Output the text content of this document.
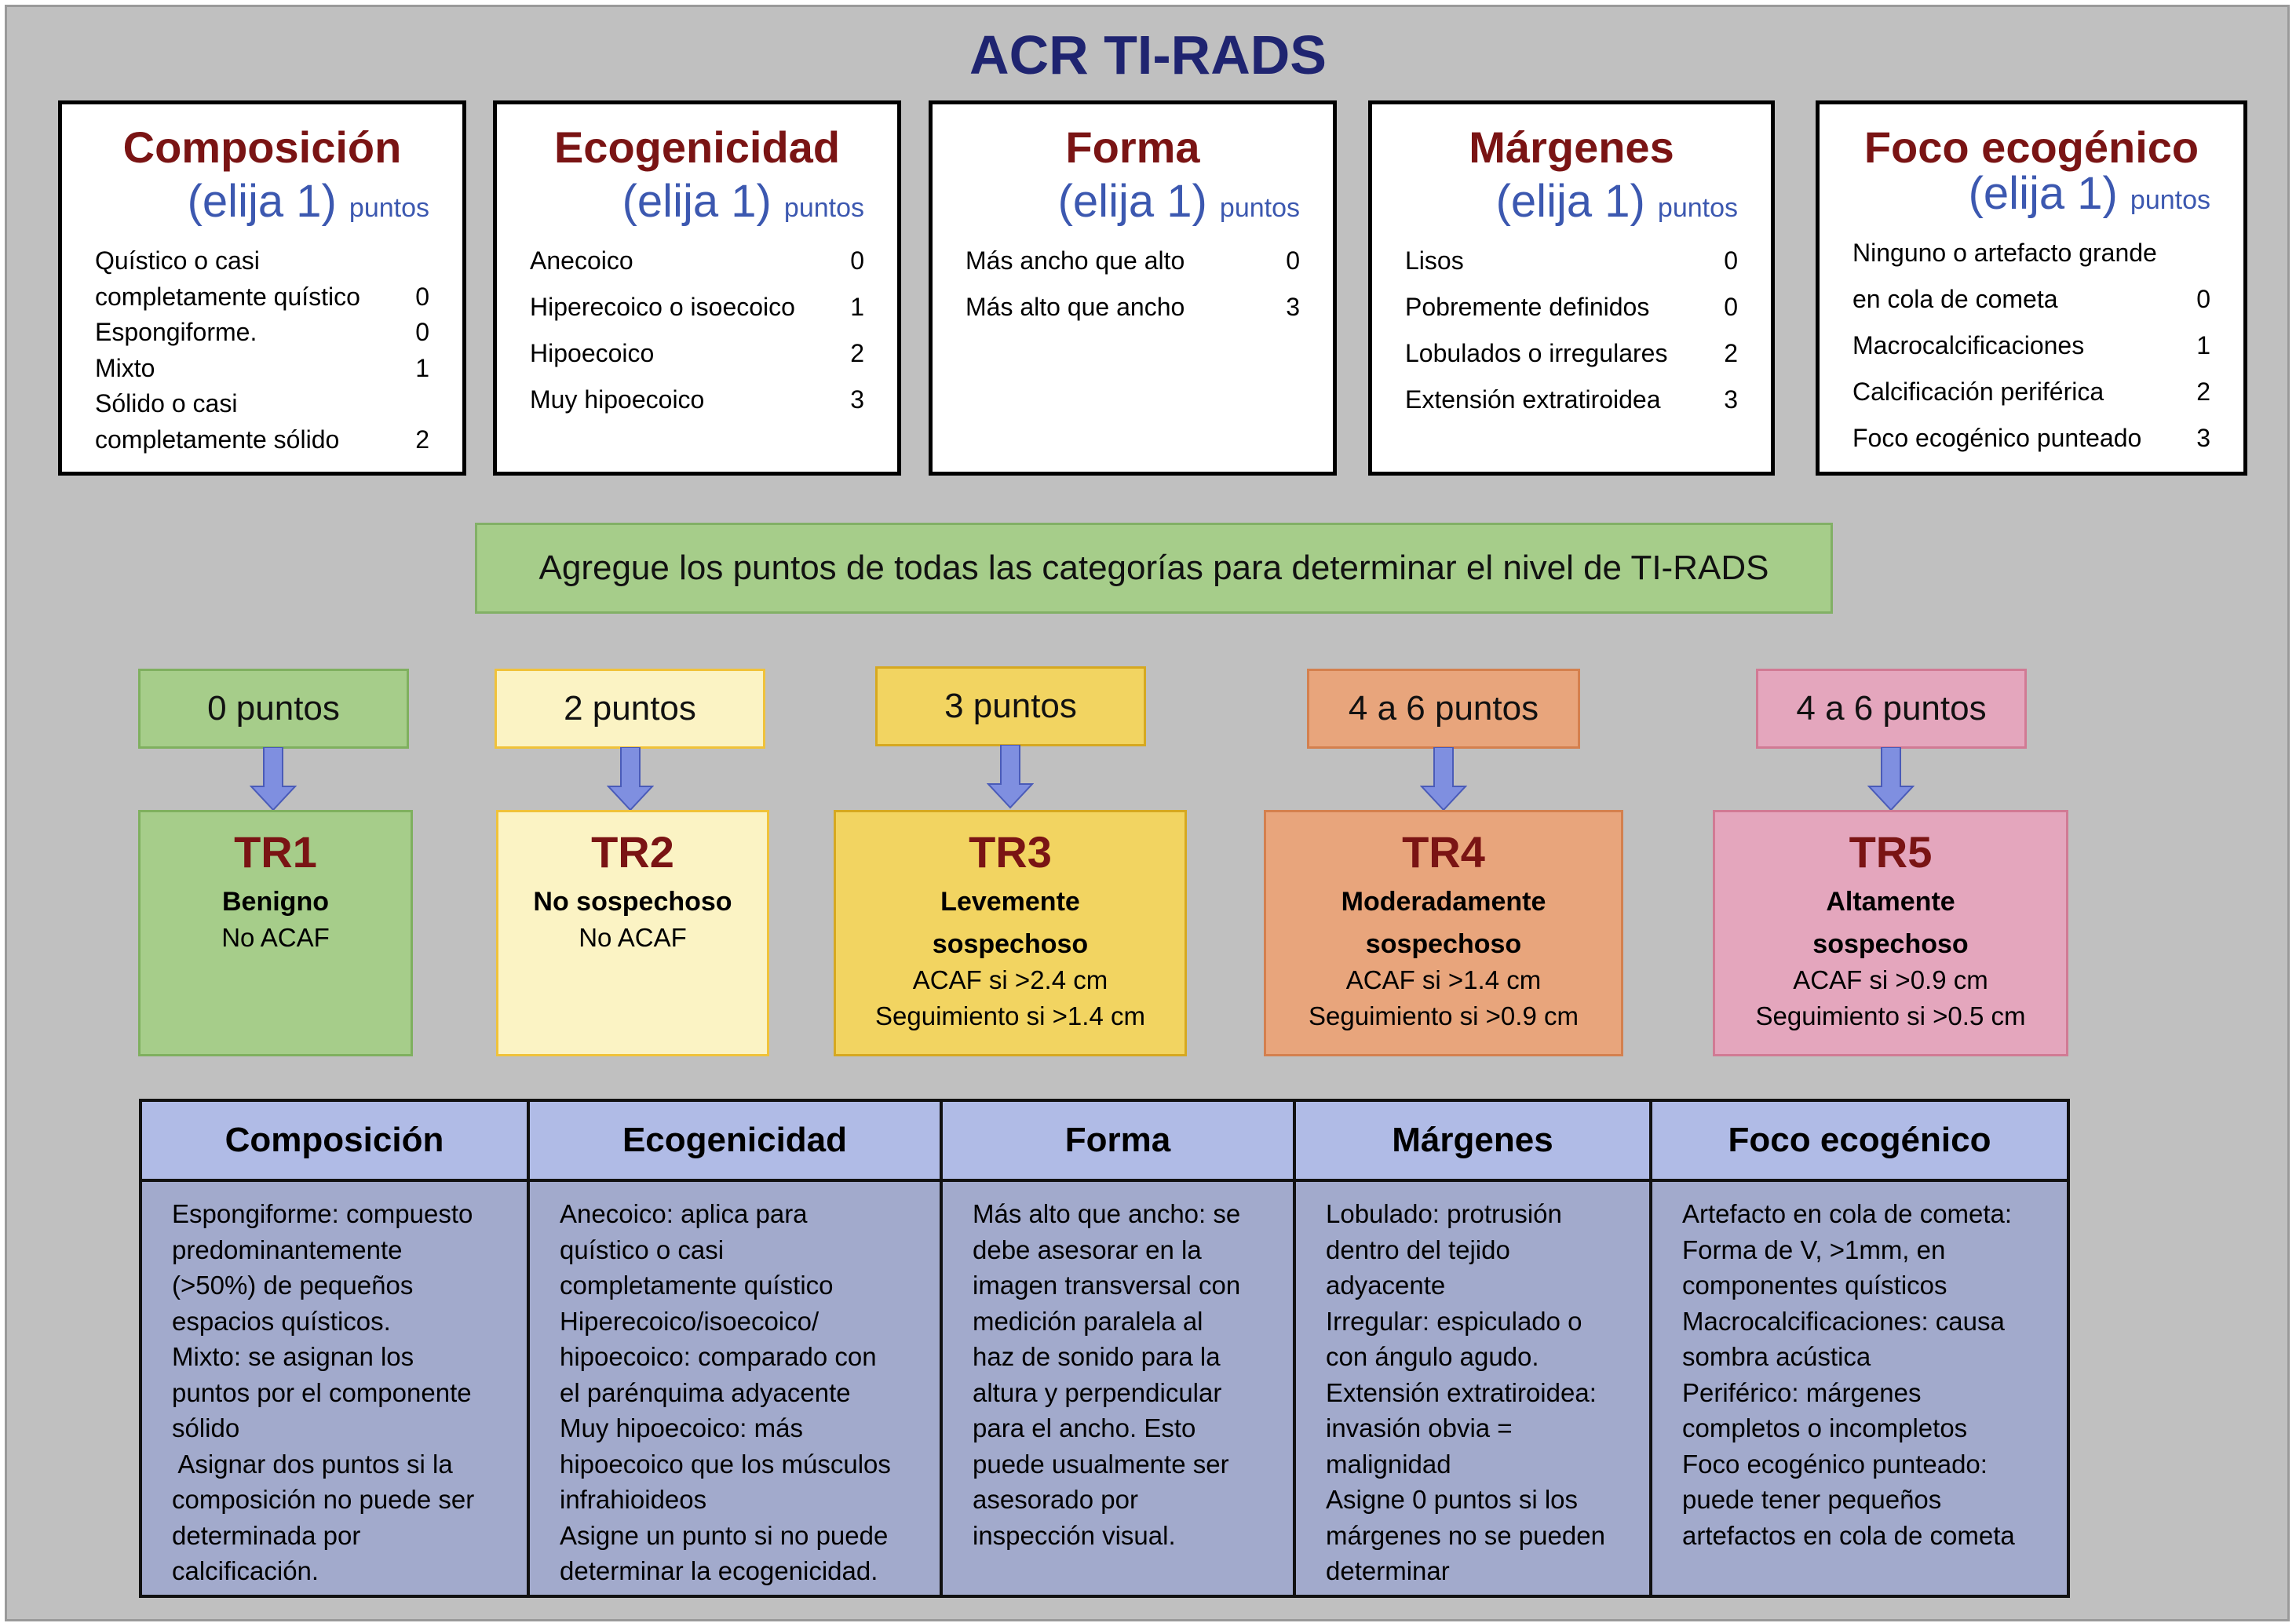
ACR TI-RADS
Composición
(elija 1) puntos
Quístico o casi
completamente quístico 0
Espongiforme.	0
Mixto	1
Sólido o casi
completamente sólido	2
Ecogenicidad
(elija 1) puntos
Anecoico	0
Hiperecoico o isoecoico 1
Hipoecoico	2
Muy hipoecoico	3
Forma
(elija 1) puntos
Más ancho que alto	0
Más alto que ancho	3
Márgenes
(elija 1) puntos
Lisos	0
Pobremente definidos	0
Lobulados o irregulares 2
Extensión extratiroidea	3
Foco ecogénico
(elija 1) puntos
Ninguno o artefacto grande
en cola de cometa	0
Macrocalcificaciones	1
Calcificación periférica	2
Foco ecogénico punteado 3
Agregue los puntos de todas las categorías para determinar el nivel de TI-RADS
0 puntos
TR1
Benigno
No ACAF
2 puntos
TR2
No sospechoso
No ACAF
3 puntos
TR3
Levemente
sospechoso
ACAF si >2.4 cm
Seguimiento si >1.4 cm
4 a 6 puntos
TR4
Moderadamente
sospechoso
ACAF si >1.4 cm
Seguimiento si >0.9 cm
4 a 6 puntos
TR5
Altamente
sospechoso
ACAF si >0.9 cm
Seguimiento si >0.5 cm
Composición
Espongiforme: compuesto
predominantemente
(>50%) de pequeños
espacios quísticos.
Mixto: se asignan los
puntos por el componente
sólido
Asignar dos puntos si la
composición no puede ser
determinada por
calcificación.
Ecogenicidad
Anecoico: aplica para
quístico o casi
completamente quístico
Hiperecoico/isoecoico/
hipoecoico: comparado con
el parénquima adyacente
Muy hipoecoico: más
hipoecoico que los músculos
infrahioideos
Asigne un punto si no puede
determinar la ecogenicidad.
Forma
Más alto que ancho: se
debe asesorar en la
imagen transversal con
medición paralela al
haz de sonido para la
altura y perpendicular
para el ancho. Esto
puede usualmente ser
asesorado por
inspección visual.
Márgenes
Lobulado: protrusión
dentro del tejido
adyacente
Irregular: espiculado o
con ángulo agudo.
Extensión extratiroidea:
invasión obvia =
malignidad
Asigne 0 puntos si los
márgenes no se pueden
determinar
Foco ecogénico
Artefacto en cola de cometa:
Forma de V, >1mm, en
componentes quísticos
Macrocalcificaciones: causa
sombra acústica
Periférico: márgenes
completos o incompletos
Foco ecogénico punteado:
puede tener pequeños
artefactos en cola de cometa
